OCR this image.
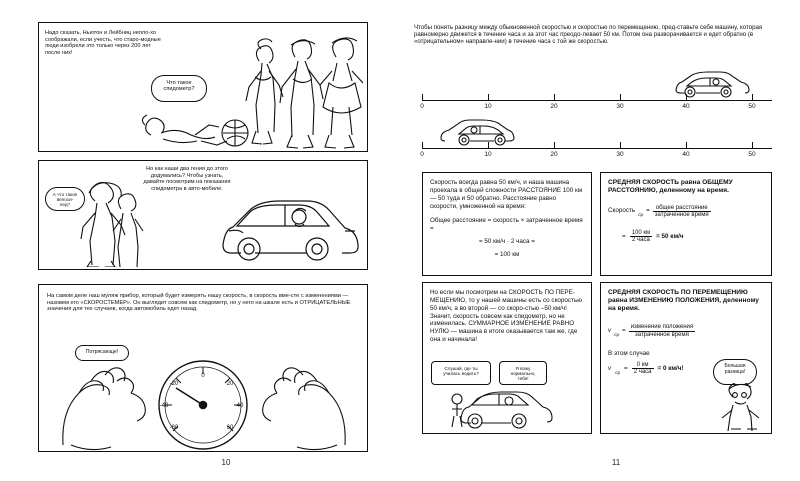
Надо сказать, Ньютон и Лейбниц непло-хо соображали, если учесть, что старо-модные люди изобрели это только через 200 лет после них!
Что такое спидометр?
А что такое велоси-пед?
Но как наши два гения до этого додумались? Чтобы узнать, давайте посмотрим на показания спидометра в авто-мобиле.
На самом деле наш муляж прибор, который будет измерять нашу скорость, в скорость вме-сте с изменениями — назовем его «СКОРОСТЕМЕР». Он выглядит совсем как спидометр, но у него на шкале есть и ОТРИЦАТЕЛЬНЫЕ значения для тех случаев, когда автомобиль едет назад.
Потрясающе!
0
-20	20
-40	40
-60	60
10
Чтобы понять разницу между обыкновенной скоростью и скоростью по перемещению, пред-ставьте себе машину, которая равномерно движется в течение часа и за этот час преодо-левает 50 км. Потом она разворачивается и едет обратно (в «отрицательном» направле-нии) в течение часа с той же скоростью.
0	10	20	30	40	50
0	10	20	30	40	50
Скорость всегда равна 50 км/ч, и наша машина проехала в общей сложности РАССТОЯНИЕ 100 км — 50 туда и 50 обратно. Расстояние равно скорости, умноженной на время:
Общее расстояние = скорость × затраченное время =
= 50 км/ч · 2 часа =
= 100 км
СРЕДНЯЯ СКОРОСТЬ равна ОБЩЕМУ РАССТОЯНИЮ, деленному на время.
Скорость
ср
= $\frac{\text{общее расстояние}}{\text{затраченное время}}$
= $\frac{100 км}{\text{2 часа}} = 50$ км/ч
Но если мы посмотрим на СКОРОСТЬ ПО ПЕРЕ-МЕЩЕНИЮ, то у нашей машины есть со скоростью 50 км/ч, а во второй — со скоро-стью –50 км/ч! Значит, скорость совсем как спидометр, но не изменилась. СУММАРНОЕ ИЗМЕНЕНИЕ РАВНО НУЛЮ — машина в итоге оказывается там же, где она и начинала!
Слушай, где ты училась водить?
Я вожу нормально, тебе!
СРЕДНЯЯ СКОРОСТЬ ПО ПЕРЕМЕЩЕНИЮ равна ИЗМЕНЕНИЮ ПОЛОЖЕНИЯ, деленному на время.
v
ср
= $\frac{\text{изменение положения}}{\text{затраченное время}}$
В этом случае
v
ср
= $\frac{0 км}{\text{2 часа}} = 0$ км/ч!	Большая разница!
11
